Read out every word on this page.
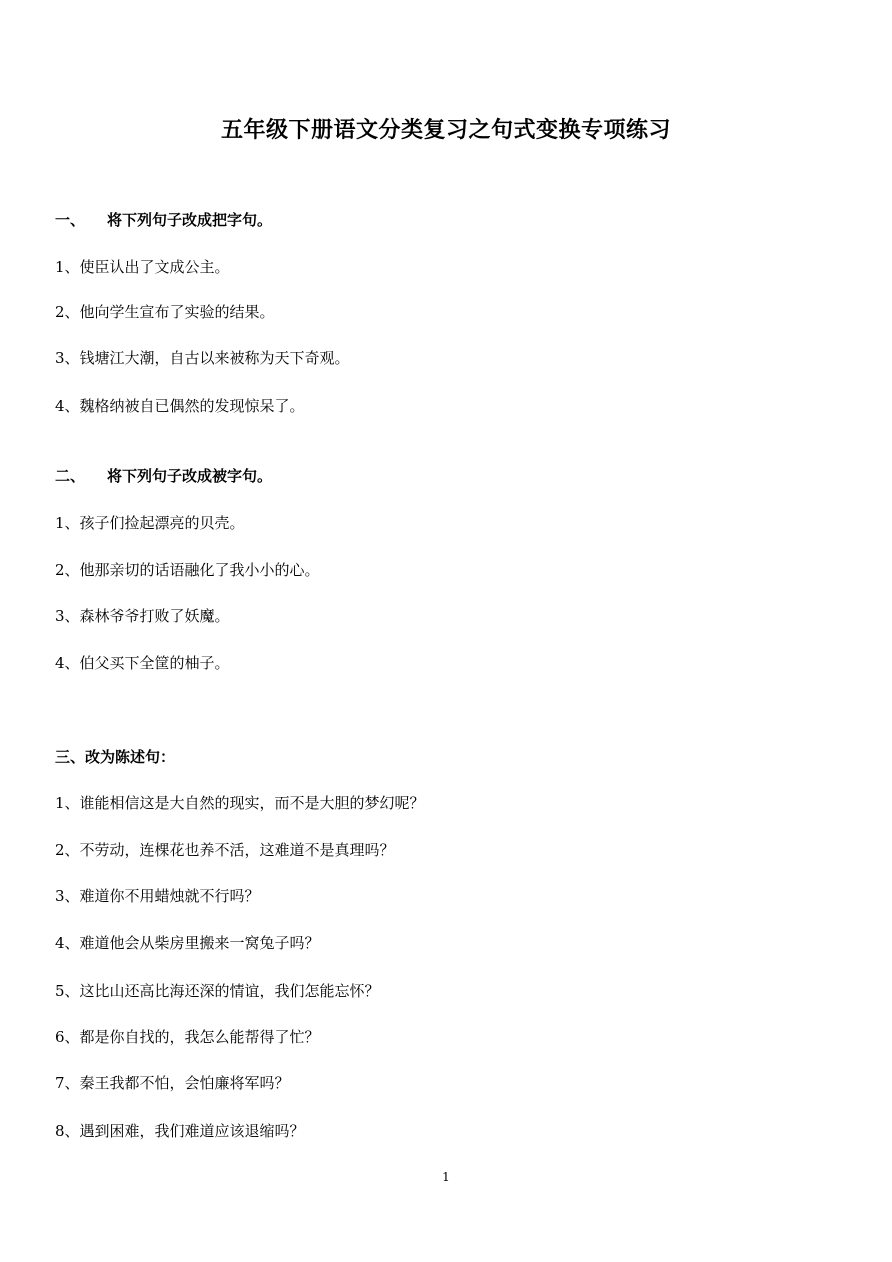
五年级下册语文分类复习之句式变换专项练习
一、 将下列句子改成把字句。
1、使臣认出了文成公主。
2、他向学生宣布了实验的结果。
3、钱塘江大潮，自古以来被称为天下奇观。
4、魏格纳被自已偶然的发现惊呆了。
二、 将下列句子改成被字句。
1、孩子们捡起漂亮的贝壳。
2、他那亲切的话语融化了我小小的心。
3、森林爷爷打败了妖魔。
4、伯父买下全筐的柚子。
三、改为陈述句：
1、谁能相信这是大自然的现实，而不是大胆的梦幻呢？
2、不劳动，连棵花也养不活，这难道不是真理吗？
3、难道你不用蜡烛就不行吗？
4、难道他会从柴房里搬来一窝兔子吗？
5、这比山还高比海还深的情谊，我们怎能忘怀？
6、都是你自找的，我怎么能帮得了忙？
7、秦王我都不怕，会怕廉将军吗？
8、遇到困难，我们难道应该退缩吗？
1
